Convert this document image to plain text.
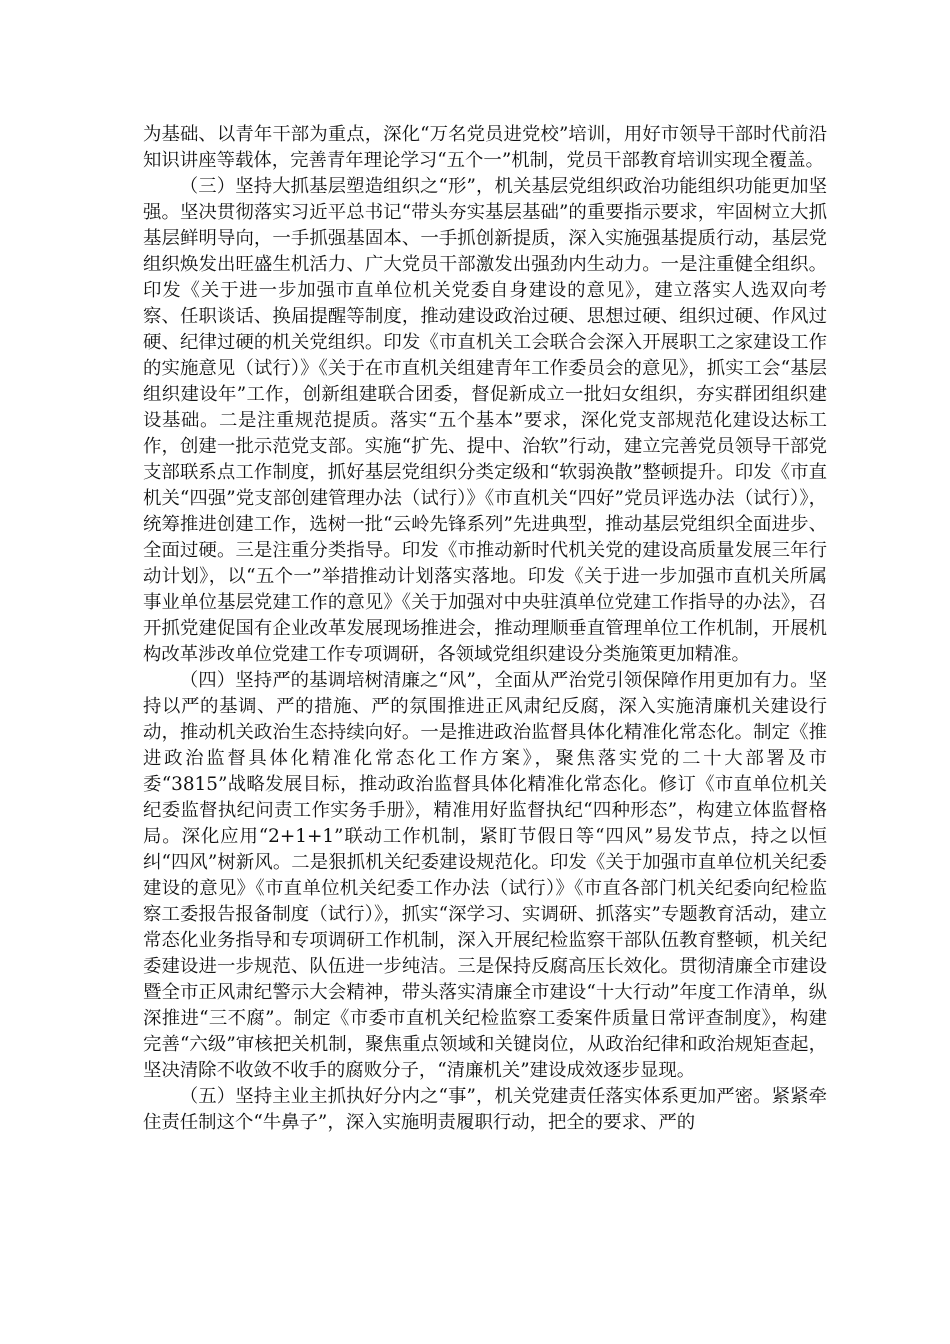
为基础、以青年干部为重点，深化“万名党员进党校”培训，用好市领导干部时代前沿知识讲座等载体，完善青年理论学习“五个一”机制，党员干部教育培训实现全覆盖。

（三）坚持大抓基层塑造组织之“形”，机关基层党组织政治功能组织功能更加坚强。坚决贯彻落实习近平总书记“带头夯实基层基础”的重要指示要求，牢固树立大抓基层鲜明导向，一手抓强基固本、一手抓创新提质，深入实施强基提质行动，基层党组织焕发出旺盛生机活力、广大党员干部激发出强劲内生动力。一是注重健全组织。印发《关于进一步加强市直单位机关党委自身建设的意见》，建立落实人选双向考察、任职谈话、换届提醒等制度，推动建设政治过硬、思想过硬、组织过硬、作风过硬、纪律过硬的机关党组织。印发《市直机关工会联合会深入开展职工之家建设工作的实施意见（试行）》《关于在市直机关组建青年工作委员会的意见》，抓实工会“基层组织建设年”工作，创新组建联合团委，督促新成立一批妇女组织，夯实群团组织建设基础。二是注重规范提质。落实“五个基本”要求，深化党支部规范化建设达标工作，创建一批示范党支部。实施“扩先、提中、治软”行动，建立完善党员领导干部党支部联系点工作制度，抓好基层党组织分类定级和“软弱涣散”整顿提升。印发《市直机关“四强”党支部创建管理办法（试行）》《市直机关“四好”党员评选办法（试行）》，统筹推进创建工作，选树一批“云岭先锋系列”先进典型，推动基层党组织全面进步、全面过硬。三是注重分类指导。印发《市推动新时代机关党的建设高质量发展三年行动计划》，以“五个一”举措推动计划落实落地。印发《关于进一步加强市直机关所属事业单位基层党建工作的意见》《关于加强对中央驻滇单位党建工作指导的办法》，召开抓党建促国有企业改革发展现场推进会，推动理顺垂直管理单位工作机制，开展机构改革涉改单位党建工作专项调研，各领域党组织建设分类施策更加精准。

（四）坚持严的基调培树清廉之“风”，全面从严治党引领保障作用更加有力。坚持以严的基调、严的措施、严的氛围推进正风肃纪反腐，深入实施清廉机关建设行动，推动机关政治生态持续向好。一是推进政治监督具体化精准化常态化。制定《推进政治监督具体化精准化常态化工作方案》，聚焦落实党的二十大部署及市委“3815”战略发展目标，推动政治监督具体化精准化常态化。修订《市直单位机关纪委监督执纪问责工作实务手册》，精准用好监督执纪“四种形态”，构建立体监督格局。深化应用“2+1+1”联动工作机制，紧盯节假日等“四风”易发节点，持之以恒纠“四风”树新风。二是狠抓机关纪委建设规范化。印发《关于加强市直单位机关纪委建设的意见》《市直单位机关纪委工作办法（试行）》《市直各部门机关纪委向纪检监察工委报告报备制度（试行）》，抓实“深学习、实调研、抓落实”专题教育活动，建立常态化业务指导和专项调研工作机制，深入开展纪检监察干部队伍教育整顿，机关纪委建设进一步规范、队伍进一步纯洁。三是保持反腐高压长效化。贯彻清廉全市建设暨全市正风肃纪警示大会精神，带头落实清廉全市建设“十大行动”年度工作清单，纵深推进“三不腐”。制定《市委市直机关纪检监察工委案件质量日常评查制度》，构建完善“六级”审核把关机制，聚焦重点领域和关键岗位，从政治纪律和政治规矩查起，坚决清除不收敛不收手的腐败分子，“清廉机关”建设成效逐步显现。

（五）坚持主业主抓执好分内之“事”，机关党建责任落实体系更加严密。紧紧牵住责任制这个“牛鼻子”，深入实施明责履职行动，把全的要求、严的
